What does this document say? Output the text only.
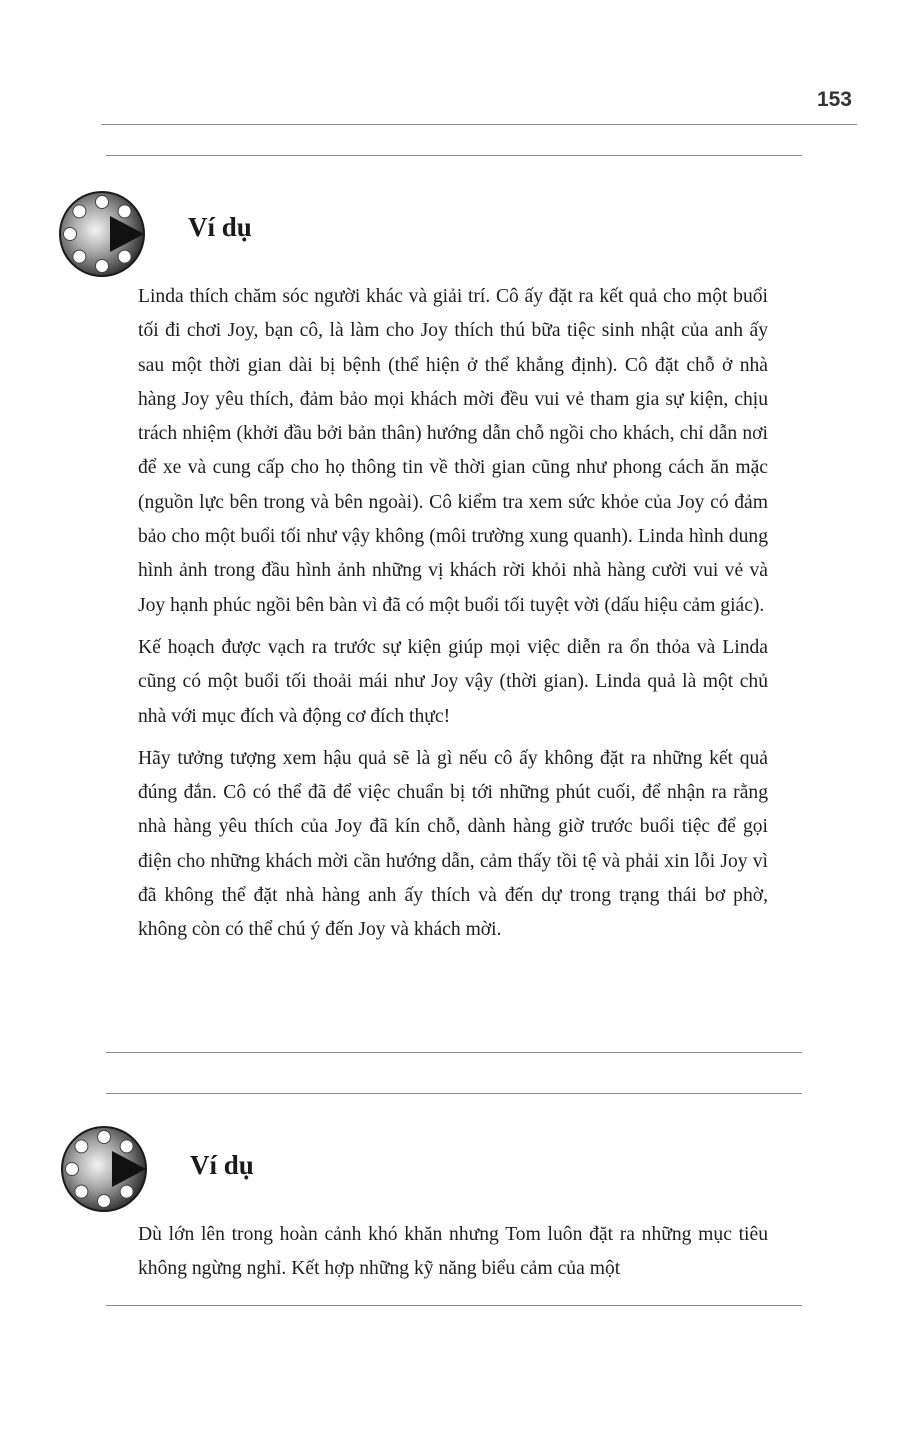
153
Ví dụ

Linda thích chăm sóc người khác và giải trí. Cô ấy đặt ra kết quả cho một buổi tối đi chơi Joy, bạn cô, là làm cho Joy thích thú bữa tiệc sinh nhật của anh ấy sau một thời gian dài bị bệnh (thể hiện ở thể khẳng định). Cô đặt chỗ ở nhà hàng Joy yêu thích, đảm bảo mọi khách mời đều vui vẻ tham gia sự kiện, chịu trách nhiệm (khởi đầu bởi bản thân) hướng dẫn chỗ ngồi cho khách, chỉ dẫn nơi để xe và cung cấp cho họ thông tin về thời gian cũng như phong cách ăn mặc (nguồn lực bên trong và bên ngoài). Cô kiểm tra xem sức khỏe của Joy có đảm bảo cho một buổi tối như vậy không (môi trường xung quanh). Linda hình dung hình ảnh trong đầu hình ảnh những vị khách rời khỏi nhà hàng cười vui vẻ và Joy hạnh phúc ngồi bên bàn vì đã có một buổi tối tuyệt vời (dấu hiệu cảm giác).

Kế hoạch được vạch ra trước sự kiện giúp mọi việc diễn ra ổn thỏa và Linda cũng có một buổi tối thoải mái như Joy vậy (thời gian). Linda quả là một chủ nhà với mục đích và động cơ đích thực!

Hãy tưởng tượng xem hậu quả sẽ là gì nếu cô ấy không đặt ra những kết quả đúng đắn. Cô có thể đã để việc chuẩn bị tới những phút cuối, để nhận ra rằng nhà hàng yêu thích của Joy đã kín chỗ, dành hàng giờ trước buổi tiệc để gọi điện cho những khách mời cần hướng dẫn, cảm thấy tồi tệ và phải xin lỗi Joy vì đã không thể đặt nhà hàng anh ấy thích và đến dự trong trạng thái bơ phờ, không còn có thể chú ý đến Joy và khách mời.

Ví dụ

Dù lớn lên trong hoàn cảnh khó khăn nhưng Tom luôn đặt ra những mục tiêu không ngừng nghỉ. Kết hợp những kỹ năng biểu cảm của một
